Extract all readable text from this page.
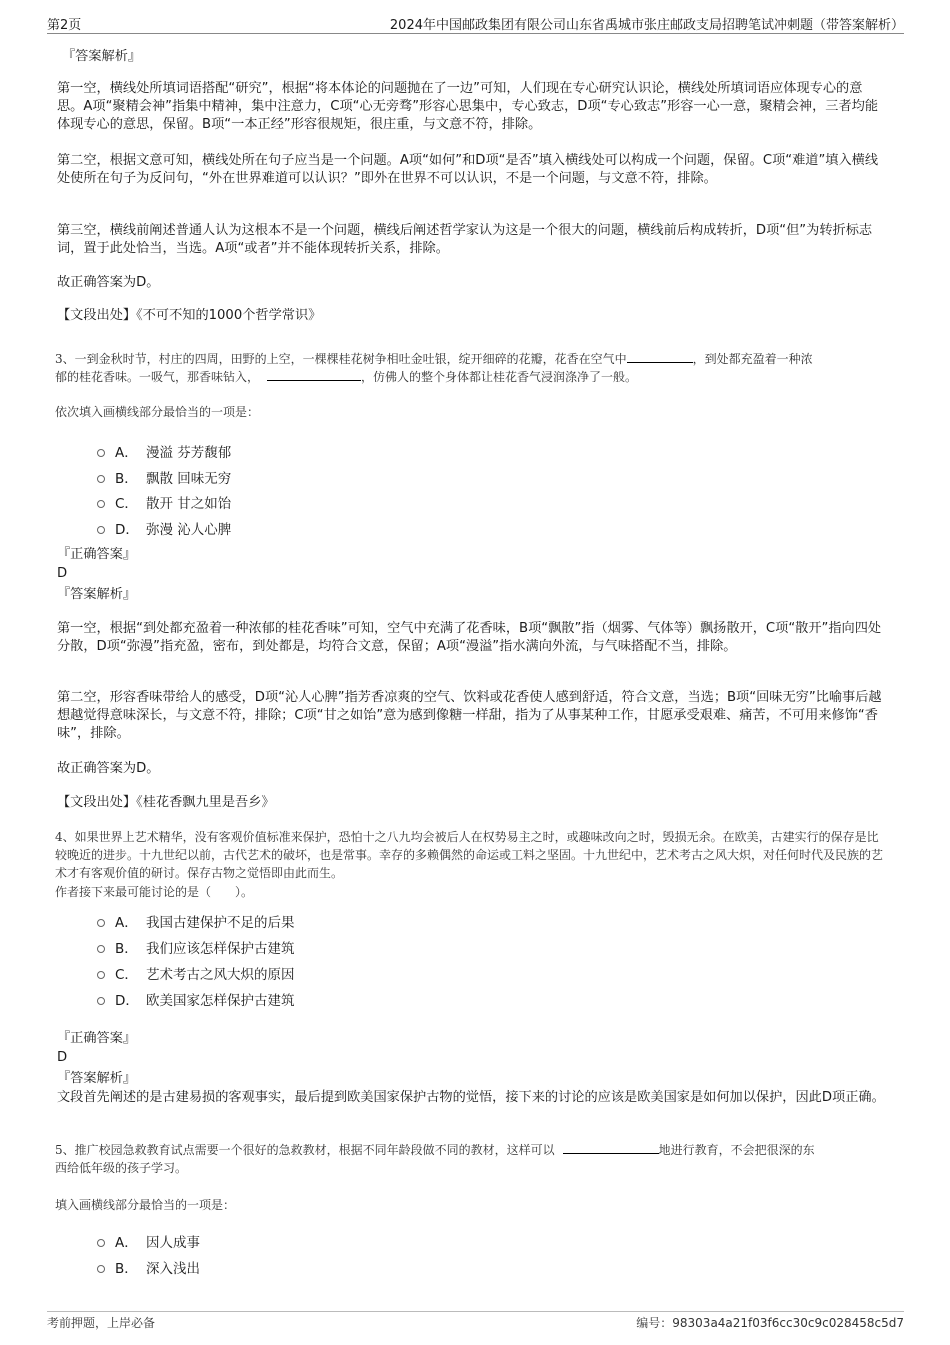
第2页	2024年中国邮政集团有限公司山东省禹城市张庄邮政支局招聘笔试冲刺题（带答案解析）
『答案解析』
第一空，横线处所填词语搭配“研究”，根据“将本体论的问题抛在了一边”可知，人们现在专心研究认识论，横线处所填词语应体现专心的意思。A项“聚精会神”指集中精神，集中注意力，C项“心无旁骛”形容心思集中，专心致志，D项“专心致志”形容一心一意，聚精会神，三者均能体现专心的意思，保留。B项“一本正经”形容很规矩，很庄重，与文意不符，排除。
第二空，根据文意可知，横线处所在句子应当是一个问题。A项“如何”和D项“是否”填入横线处可以构成一个问题，保留。C项“难道”填入横线处使所在句子为反问句，“外在世界难道可以认识？”即外在世界不可以认识，不是一个问题，与文意不符，排除。
第三空，横线前阐述普通人认为这根本不是一个问题，横线后阐述哲学家认为这是一个很大的问题，横线前后构成转折，D项“但”为转折标志词，置于此处恰当，当选。A项“或者”并不能体现转折关系，排除。
故正确答案为D。
【文段出处】《不可不知的1000个哲学常识》
3、一到金秋时节，村庄的四周，田野的上空，一棵棵桂花树争相吐金吐银，绽开细碎的花瓣，花香在空气中	，到处都充盈着一种浓
郁的桂花香味。一吸气，那香味钻入，	，仿佛人的整个身体都让桂花香气浸润涤净了一般。
依次填入画横线部分最恰当的一项是：
A． 漫溢 芬芳馥郁
B． 飘散 回味无穷
C． 散开 甘之如饴
D． 弥漫 沁人心脾
『正确答案』
D
『答案解析』
第一空，根据“到处都充盈着一种浓郁的桂花香味”可知，空气中充满了花香味，B项“飘散”指（烟雾、气体等）飘扬散开，C项“散开”指向四处分散，D项“弥漫”指充盈，密布，到处都是，均符合文意，保留；A项“漫溢”指水满向外流，与气味搭配不当，排除。
第二空，形容香味带给人的感受，D项“沁人心脾”指芳香凉爽的空气、饮料或花香使人感到舒适，符合文意，当选；B项“回味无穷”比喻事后越想越觉得意味深长，与文意不符，排除；C项“甘之如饴”意为感到像糖一样甜，指为了从事某种工作，甘愿承受艰难、痛苦，不可用来修饰“香味”，排除。
故正确答案为D。
【文段出处】《桂花香飘九里是吾乡》
4、如果世界上艺术精华，没有客观价值标准来保护，恐怕十之八九均会被后人在权势易主之时，或趣味改向之时，毁损无余。在欧美，古建实行的保存是比较晚近的进步。十九世纪以前，古代艺术的破坏，也是常事。幸存的多赖偶然的命运或工料之坚固。十九世纪中，艺术考古之风大炽，对任何时代及民族的艺术才有客观价值的研讨。保存古物之觉悟即由此而生。
作者接下来最可能讨论的是（　　）。
A． 我国古建保护不足的后果
B． 我们应该怎样保护古建筑
C． 艺术考古之风大炽的原因
D． 欧美国家怎样保护古建筑
『正确答案』
D
『答案解析』
文段首先阐述的是古建易损的客观事实，最后提到欧美国家保护古物的觉悟，接下来的讨论的应该是欧美国家是如何加以保护，因此D项正确。
5、推广校园急救教育试点需要一个很好的急救教材，根据不同年龄段做不同的教材，这样可以	地进行教育，不会把很深的东
西给低年级的孩子学习。
填入画横线部分最恰当的一项是：
A． 因人成事
B． 深入浅出
考前押题，上岸必备	编号：98303a4a21f03f6cc30c9c028458c5d7
